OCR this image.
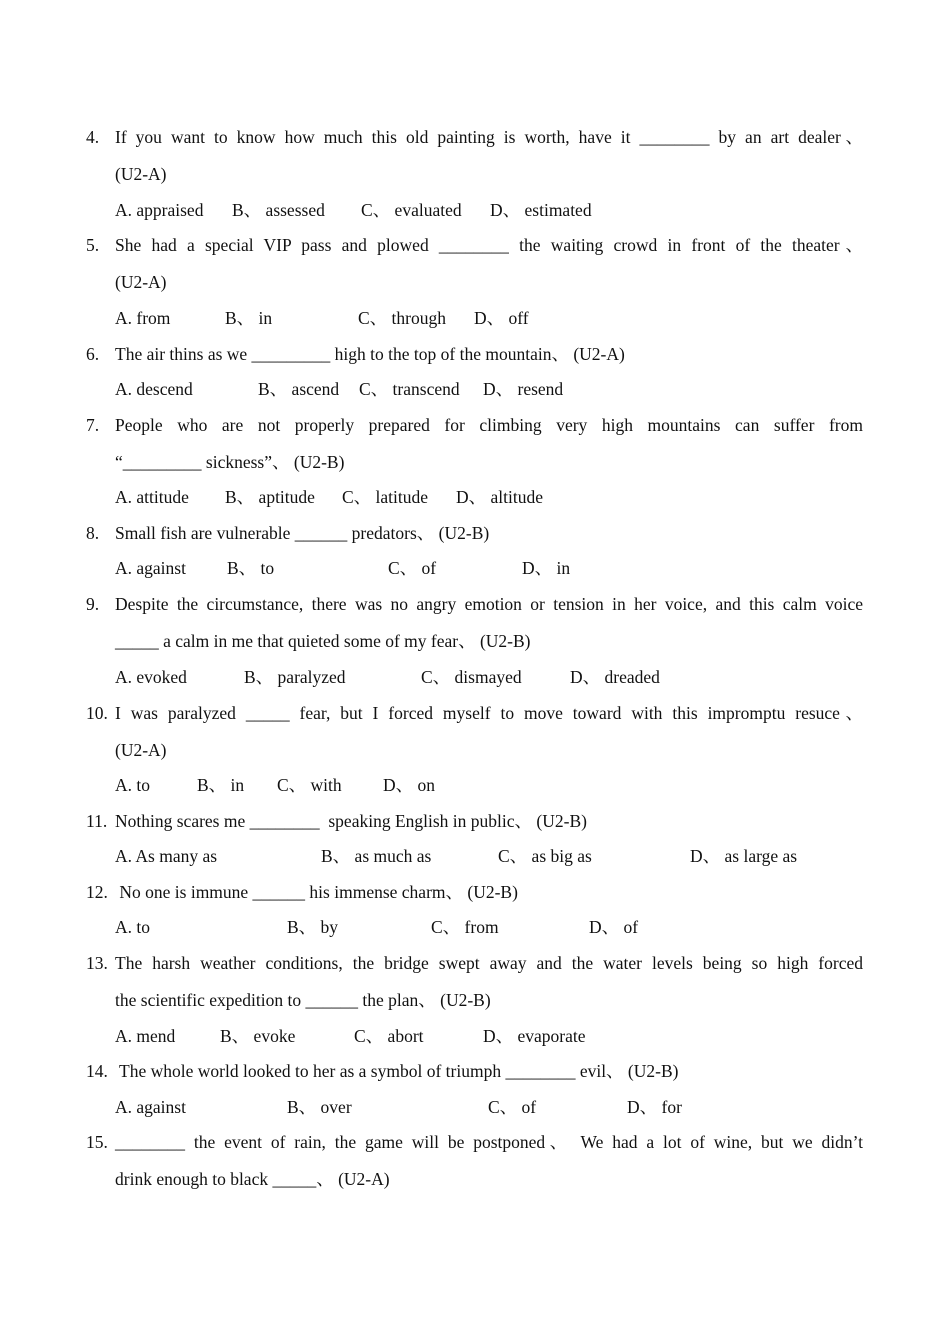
4. If you want to know how much this old painting is worth, have it ________ by an art dealer、
(U2-A)

A. appraised

B、 assessed

C、 evaluated

D、 estimated

5. She had a special VIP pass and plowed ________ the waiting crowd in front of the theater、
(U2-A)

A. from

	B、 in

	C、 through

D、 off

6. The air thins as we _________ high to the top of the mountain、 (U2-A)

A. descend

	B、 ascend

C、 transcend

D、 resend

7. People who are not properly prepared for climbing very high mountains can suffer from
“_________ sickness”、 (U2-B)

A. attitude

B、 aptitude

C、 latitude

D、 altitude

8. Small fish are vulnerable ______ predators、 (U2-B)

A. against

B、 to

	C、 of

	D、 in

9. Despite the circumstance, there was no angry emotion or tension in her voice, and this calm voice
_____ a calm in me that quieted some of my fear、 (U2-B)

A. evoked

	B、 paralyzed

	C、 dismayed

	D、 dreaded

10. I was paralyzed _____ fear, but I forced myself to move toward with this impromptu resuce、
(U2-A)

A. to

	B、 in

C、 with

D、 on

11. Nothing scares me ________  speaking English in public、 (U2-B)

A. As many as

	B、 as much as

	C、 as big as

	D、 as large as

12. No one is immune ______ his immense charm、 (U2-B)

A. to

	B、 by

	C、 from

	D、 of

13. The harsh weather conditions, the bridge swept away and the water levels being so high forced
the scientific expedition to ______ the plan、 (U2-B)

A. mend

	B、 evoke

	C、 abort

	D、 evaporate

14. The whole world looked to her as a symbol of triumph ________ evil、 (U2-B)

A. against

	B、 over

	C、 of

	D、 for

15. ________ the event of rain, the game will be postponed、 We had a lot of wine, but we didn’t
drink enough to black _____、 (U2-A)
